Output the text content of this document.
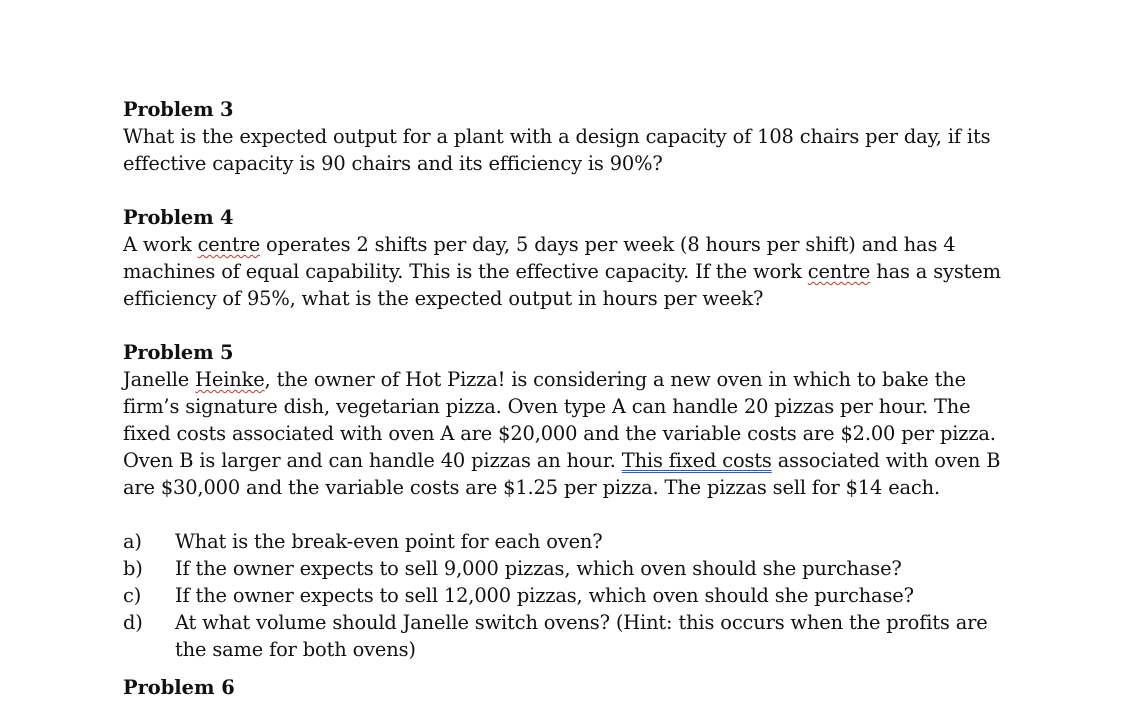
Problem 3
What is the expected output for a plant with a design capacity of 108 chairs per day, if its
effective capacity is 90 chairs and its efficiency is 90%?
Problem 4
A work centre operates 2 shifts per day, 5 days per week (8 hours per shift) and has 4
machines of equal capability. This is the effective capacity. If the work centre has a system
efficiency of 95%, what is the expected output in hours per week?
Problem 5
Janelle Heinke, the owner of Hot Pizza! is considering a new oven in which to bake the
firm’s signature dish, vegetarian pizza. Oven type A can handle 20 pizzas per hour. The
fixed costs associated with oven A are $20,000 and the variable costs are $2.00 per pizza.
Oven B is larger and can handle 40 pizzas an hour. This fixed costs associated with oven B
are $30,000 and the variable costs are $1.25 per pizza. The pizzas sell for $14 each.
a) What is the break-even point for each oven?
b) If the owner expects to sell 9,000 pizzas, which oven should she purchase?
c) If the owner expects to sell 12,000 pizzas, which oven should she purchase?
d) At what volume should Janelle switch ovens? (Hint: this occurs when the profits are
the same for both ovens)
Problem 6
